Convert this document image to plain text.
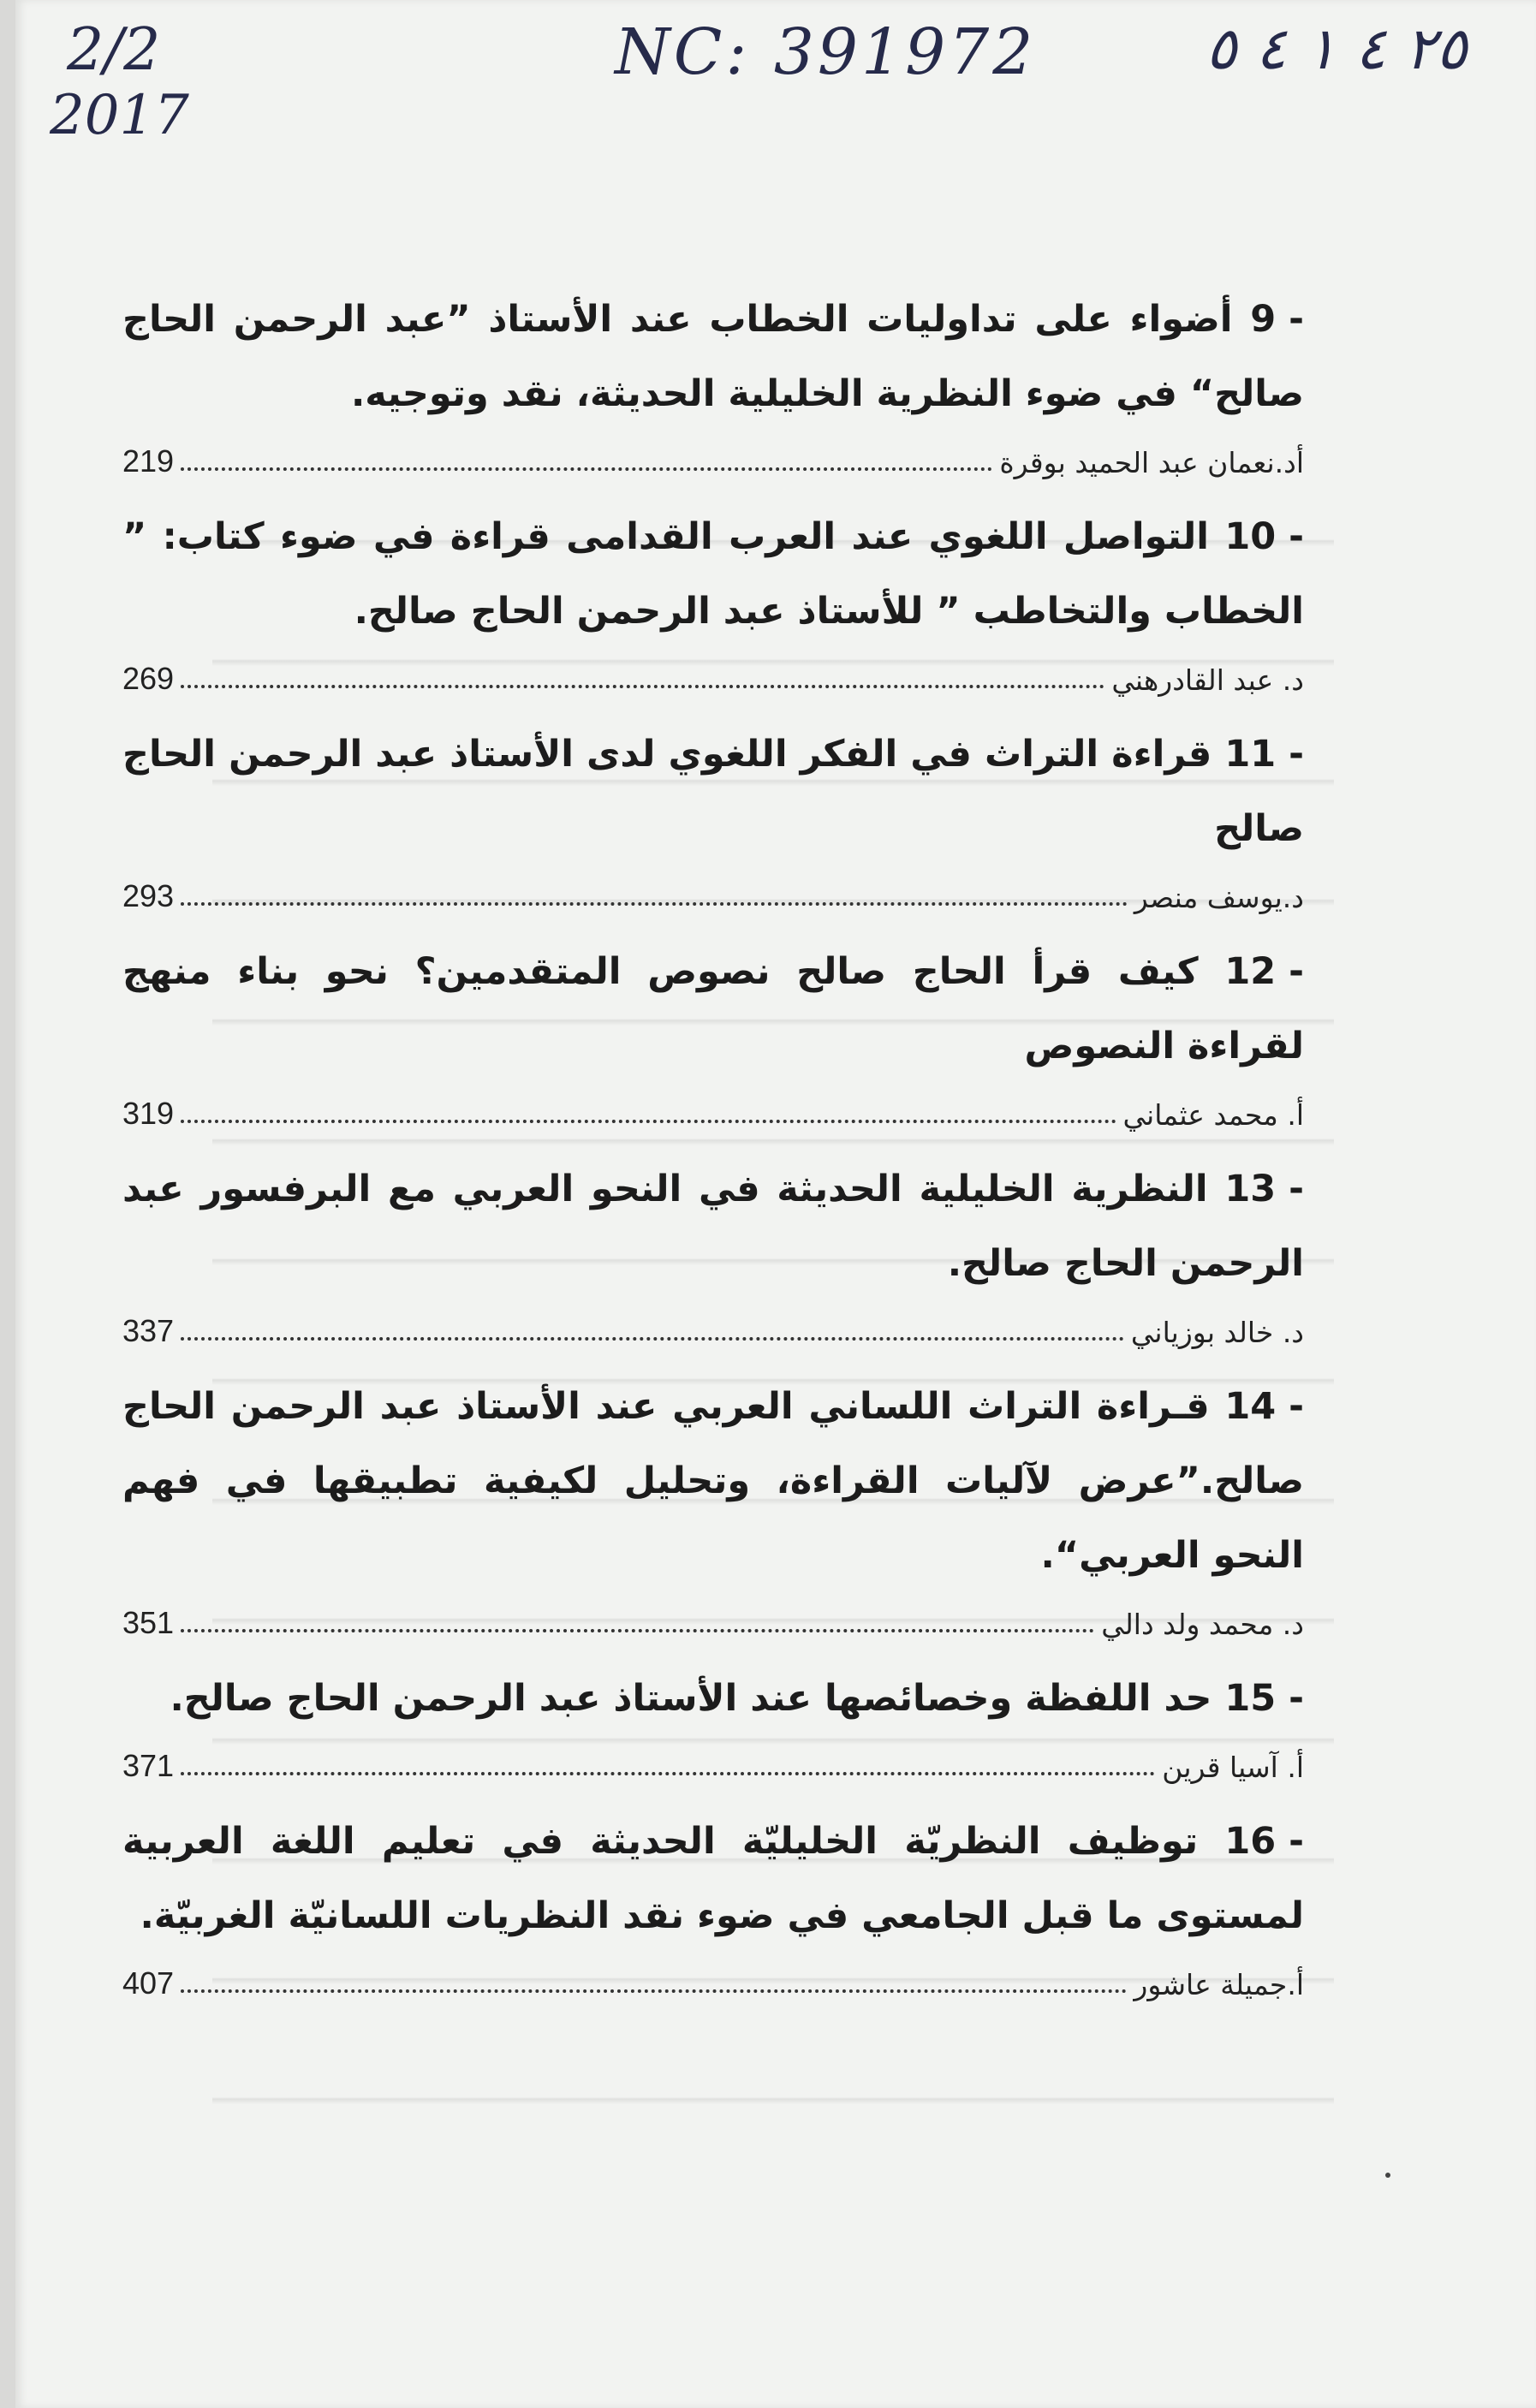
2/2
2017
NC: 391972	٢٥ ٤ ١ ٤ ٥

9 - أضواء على تداوليات الخطاب عند الأستاذ ”عبد الرحمن الحاج صالح“ في ضوء النظرية الخليلية الحديثة، نقد وتوجيه.

أد.نعمان عبد الحميد بوقرة
219

10 - التواصل اللغوي عند العرب القدامى قراءة في ضوء كتاب: ” الخطاب والتخاطب ” للأستاذ عبد الرحمن الحاج صالح.

د. عبد القادرهني
269

11 - قراءة التراث في الفكر اللغوي لدى الأستاذ عبد الرحمن الحاج صالح

د.يوسف منصر
293

12 - كيف قرأ الحاج صالح نصوص المتقدمين؟ نحو بناء منهج لقراءة النصوص

أ. محمد عثماني
319

13 - النظرية الخليلية الحديثة في النحو العربي مع البرفسور عبد الرحمن الحاج صالح.

د. خالد بوزياني
337

14 - قـراءة التراث اللساني العربي عند الأستاذ عبد الرحمن الحاج صالح.”عرض لآليات القراءة، وتحليل لكيفية تطبيقها في فهم النحو العربي“.

د. محمد ولد دالي
351

15 - حد اللفظة وخصائصها عند الأستاذ عبد الرحمن الحاج صالح.

أ. آسيا قرين
371

16 - توظيف النظريّة الخليليّة الحديثة في تعليم اللغة العربية لمستوى ما قبل الجامعي في ضوء نقد النظريات اللسانيّة الغربيّة.

أ.جميلة عاشور
407
